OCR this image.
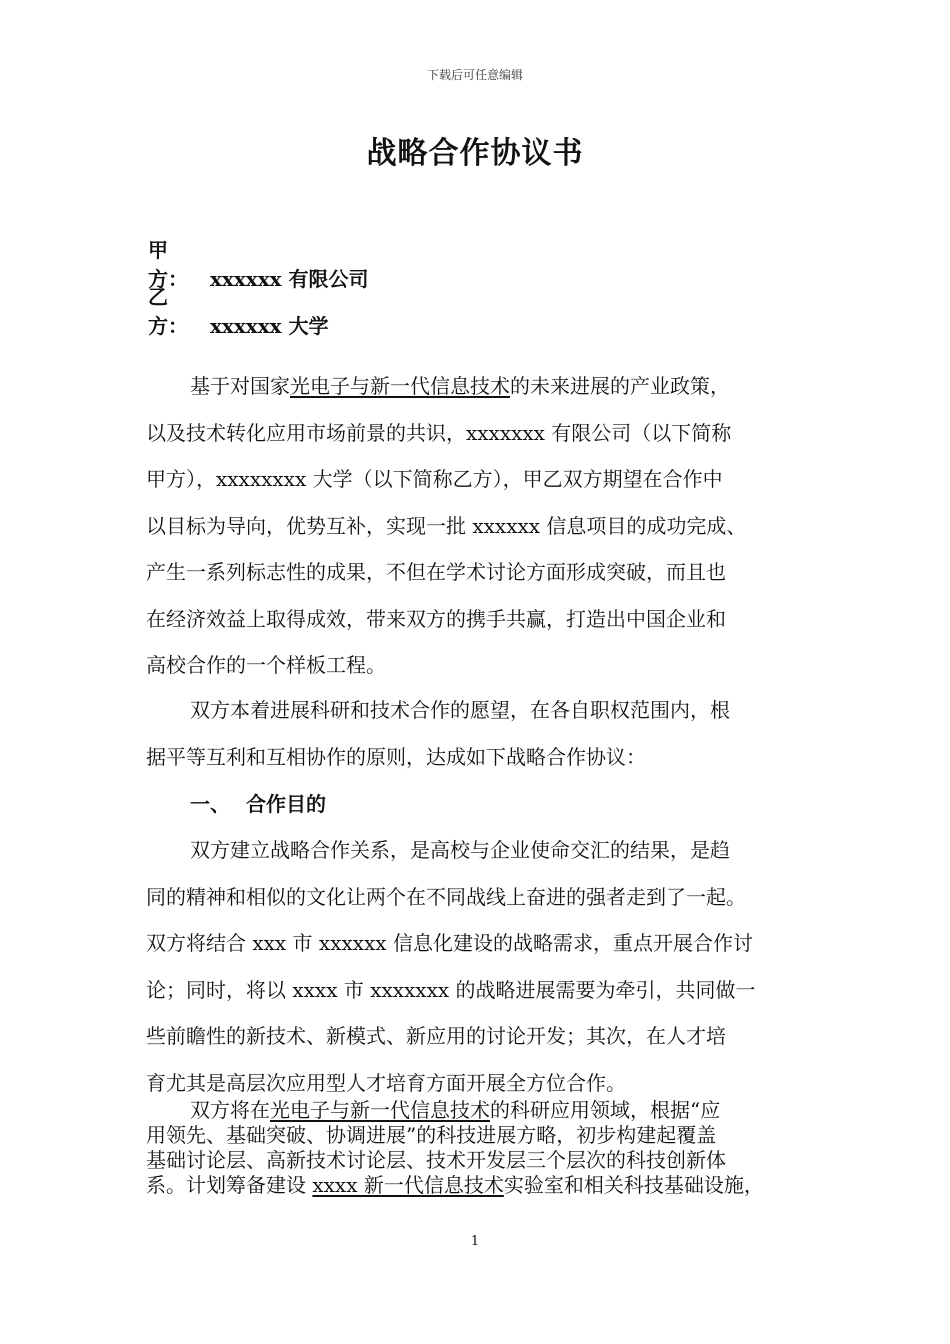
下载后可任意编辑
战略合作协议书
甲　方： xxxxxx 有限公司
乙　方： xxxxxx 大学
基于对国家光电子与新一代信息技术的未来进展的产业政策，
以及技术转化应用市场前景的共识，xxxxxxx 有限公司（以下简称
甲方），xxxxxxxx 大学（以下简称乙方），甲乙双方期望在合作中
以目标为导向，优势互补，实现一批 xxxxxx 信息项目的成功完成、
产生一系列标志性的成果，不但在学术讨论方面形成突破，而且也
在经济效益上取得成效，带来双方的携手共赢，打造出中国企业和
高校合作的一个样板工程。
双方本着进展科研和技术合作的愿望，在各自职权范围内，根
据平等互利和互相协作的原则，达成如下战略合作协议：
一、 合作目的
双方建立战略合作关系，是高校与企业使命交汇的结果，是趋
同的精神和相似的文化让两个在不同战线上奋进的强者走到了一起。
双方将结合 xxx 市 xxxxxx 信息化建设的战略需求，重点开展合作讨
论；同时，将以 xxxx 市 xxxxxxx 的战略进展需要为牵引，共同做一
些前瞻性的新技术、新模式、新应用的讨论开发；其次，在人才培
育尤其是高层次应用型人才培育方面开展全方位合作。
双方将在光电子与新一代信息技术的科研应用领域，根据“应
用领先、基础突破、协调进展”的科技进展方略，初步构建起覆盖
基础讨论层、高新技术讨论层、技术开发层三个层次的科技创新体
系。计划筹备建设 xxxx 新一代信息技术实验室和相关科技基础设施，
1
